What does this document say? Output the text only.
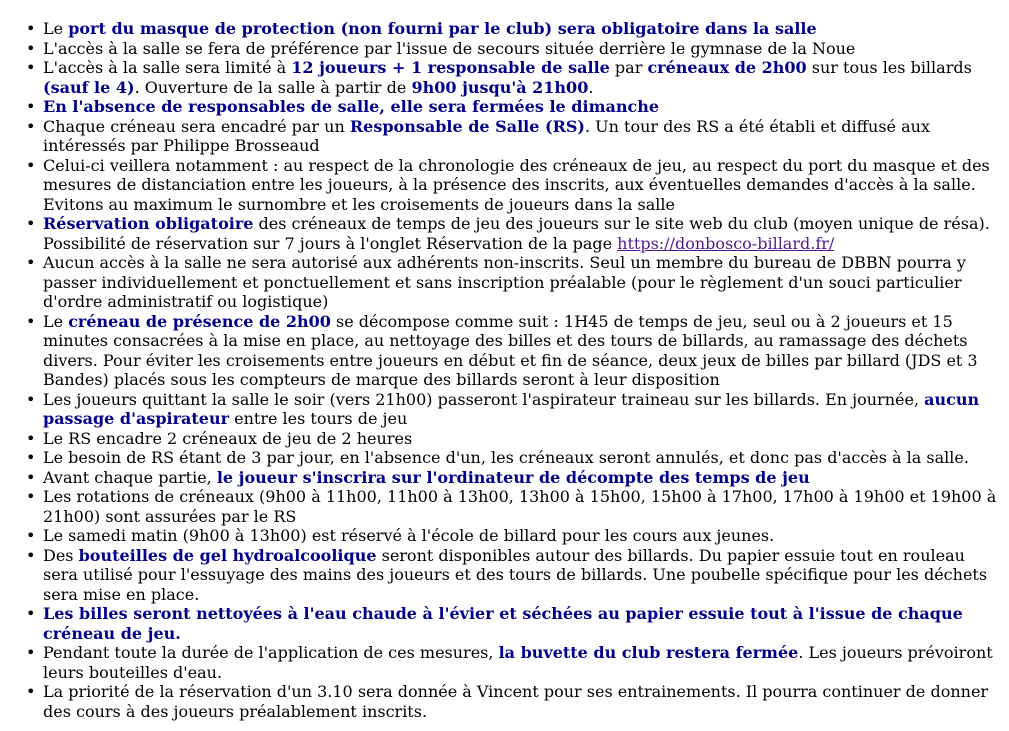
• Le port du masque de protection (non fourni par le club) sera obligatoire dans la salle
• L'accès à la salle se fera de préférence par l'issue de secours située derrière le gymnase de la Noue
• L'accès à la salle sera limité à 12 joueurs + 1 responsable de salle par créneaux de 2h00 sur tous les billards (sauf le 4). Ouverture de la salle à partir de 9h00 jusqu'à 21h00.
• En l'absence de responsables de salle, elle sera fermées le dimanche
• Chaque créneau sera encadré par un Responsable de Salle (RS). Un tour des RS a été établi et diffusé aux intéressés par Philippe Brosseaud
• Celui-ci veillera notamment : au respect de la chronologie des créneaux de jeu, au respect du port du masque et des mesures de distanciation entre les joueurs, à la présence des inscrits, aux éventuelles demandes d'accès à la salle. Evitons au maximum le surnombre et les croisements de joueurs dans la salle
• Réservation obligatoire des créneaux de temps de jeu des joueurs sur le site web du club (moyen unique de résa). Possibilité de réservation sur 7 jours à l'onglet Réservation de la page https://donbosco-billard.fr/
• Aucun accès à la salle ne sera autorisé aux adhérents non-inscrits. Seul un membre du bureau de DBBN pourra y passer individuellement et ponctuellement et sans inscription préalable (pour le règlement d'un souci particulier d'ordre administratif ou logistique)
• Le créneau de présence de 2h00 se décompose comme suit : 1H45 de temps de jeu, seul ou à 2 joueurs et 15 minutes consacrées à la mise en place, au nettoyage des billes et des tours de billards, au ramassage des déchets divers. Pour éviter les croisements entre joueurs en début et fin de séance, deux jeux de billes par billard (JDS et 3 Bandes) placés sous les compteurs de marque des billards seront à leur disposition
• Les joueurs quittant la salle le soir (vers 21h00) passeront l'aspirateur traineau sur les billards. En journée, aucun passage d'aspirateur entre les tours de jeu
• Le RS encadre 2 créneaux de jeu de 2 heures
• Le besoin de RS étant de 3 par jour, en l'absence d'un, les créneaux seront annulés, et donc pas d'accès à la salle.
• Avant chaque partie, le joueur s'inscrira sur l'ordinateur de décompte des temps de jeu
• Les rotations de créneaux (9h00 à 11h00, 11h00 à 13h00, 13h00 à 15h00, 15h00 à 17h00, 17h00 à 19h00 et 19h00 à 21h00) sont assurées par le RS
• Le samedi matin (9h00 à 13h00) est réservé à l'école de billard pour les cours aux jeunes.
• Des bouteilles de gel hydroalcoolique seront disponibles autour des billards. Du papier essuie tout en rouleau sera utilisé pour l'essuyage des mains des joueurs et des tours de billards. Une poubelle spécifique pour les déchets sera mise en place.
• Les billes seront nettoyées à l'eau chaude à l'évier et séchées au papier essuie tout à l'issue de chaque créneau de jeu.
• Pendant toute la durée de l'application de ces mesures, la buvette du club restera fermée. Les joueurs prévoiront leurs bouteilles d'eau.
• La priorité de la réservation d'un 3.10 sera donnée à Vincent pour ses entrainements. Il pourra continuer de donner des cours à des joueurs préalablement inscrits.
